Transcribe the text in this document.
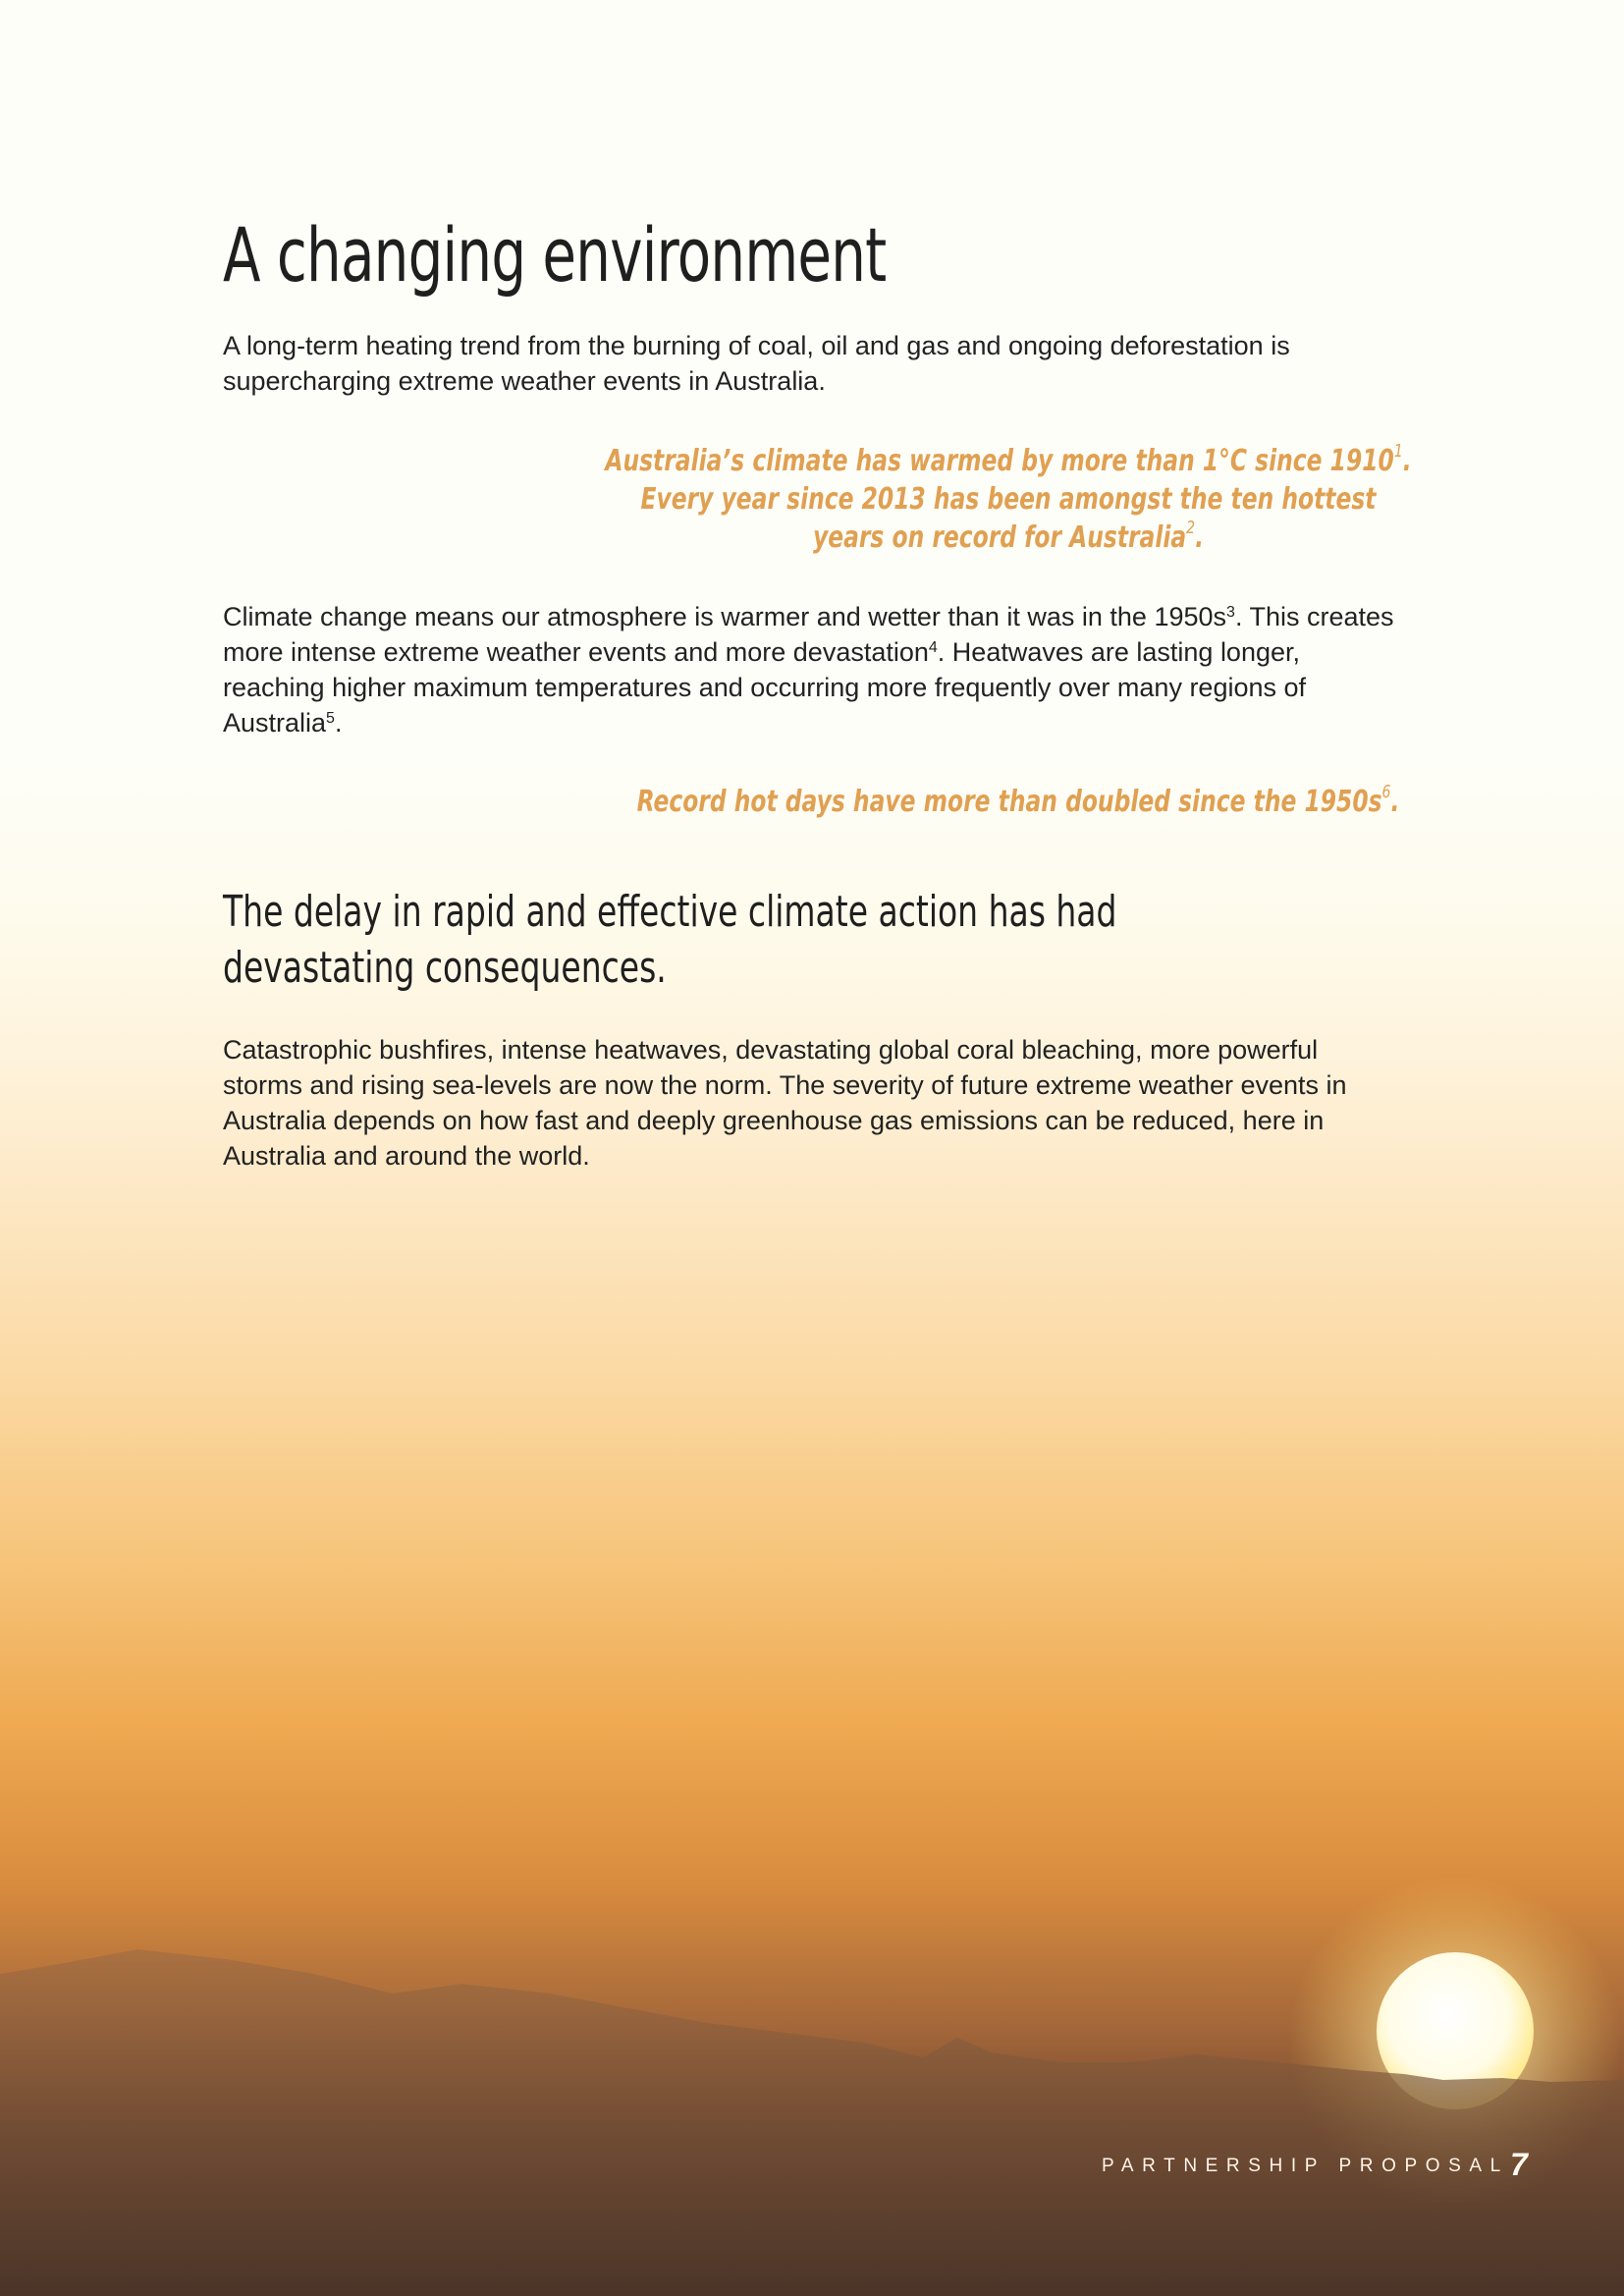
A changing environment

A long-term heating trend from the burning of coal, oil and gas and ongoing deforestation is supercharging extreme weather events in Australia.

Australia’s climate has warmed by more than 1°C since 1910$^1$.
Every year since 2013 has been amongst the ten hottest
years on record for Australia$^2$.

Climate change means our atmosphere is warmer and wetter than it was in the $1950s^3$. This creates more intense extreme weather events and more devastation$^4$. Heatwaves are lasting longer, reaching higher maximum temperatures and occurring more frequently over many regions of Australia$^5$.

Record hot days have more than doubled since the $1950s^6$.

The delay in rapid and effective climate action has had devastating consequences.

Catastrophic bushfires, intense heatwaves, devastating global coral bleaching, more powerful storms and rising sea-levels are now the norm. The severity of future extreme weather events in Australia depends on how fast and deeply greenhouse gas emissions can be reduced, here in Australia and around the world.

PARTNERSHIP PROPOSAL 7
